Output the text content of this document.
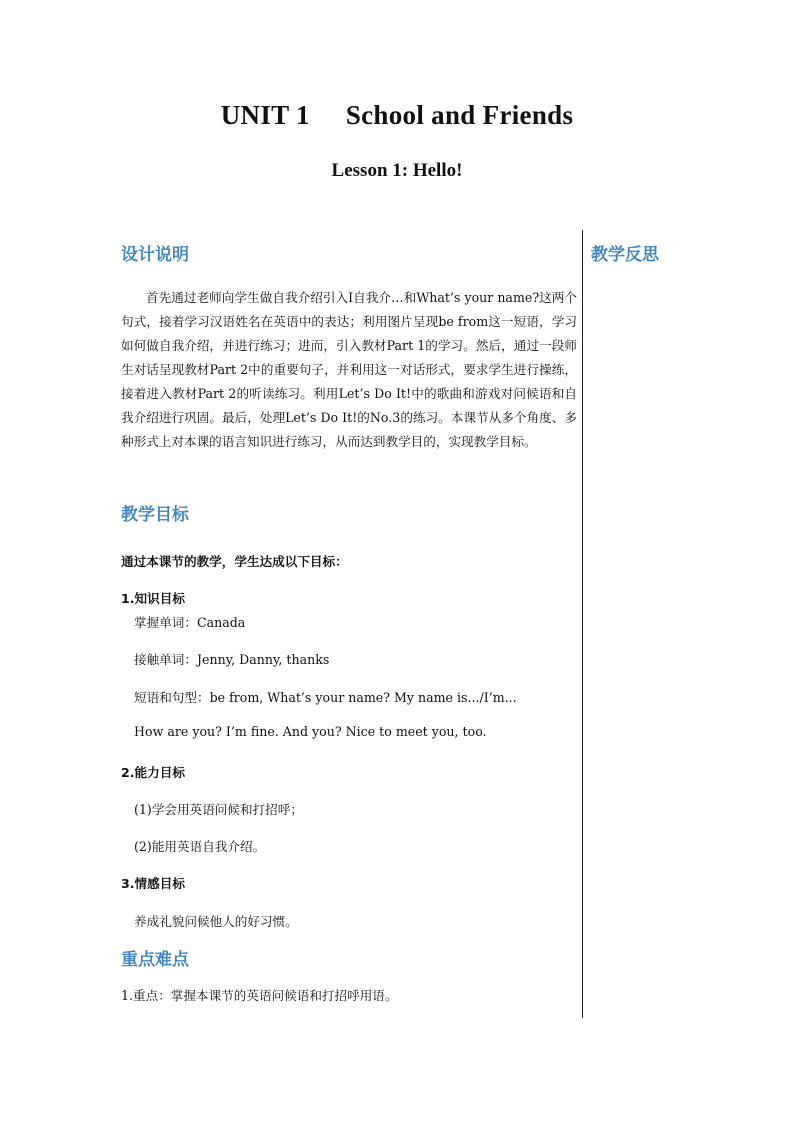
UNIT 1 School and Friends
Lesson 1: Hello!
教学反思
设计说明
首先通过老师向学生做自我介绍引入I自我介…和What’s your name?这两个句式，接着学习汉语姓名在英语中的表达；利用图片呈现be from这一短语，学习如何做自我介绍，并进行练习；进而，引入教材Part 1的学习。然后，通过一段师生对话呈现教材Part 2中的重要句子，并利用这一对话形式，要求学生进行操练，接着进入教材Part 2的听读练习。利用Let’s Do It!中的歌曲和游戏对问候语和自我介绍进行巩固。最后，处理Let’s Do It!的No.3的练习。本课节从多个角度、多种形式上对本课的语言知识进行练习，从而达到教学目的，实现教学目标。
教学目标
通过本课节的教学，学生达成以下目标：
1.知识目标
掌握单词：Canada
接触单词：Jenny, Danny, thanks
短语和句型：be from, What’s your name? My name is.../I’m...
How are you? I’m fine. And you? Nice to meet you, too.
2.能力目标
(1)学会用英语问候和打招呼；
(2)能用英语自我介绍。
3.情感目标
养成礼貌问候他人的好习惯。
重点难点
1.重点：掌握本课节的英语问候语和打招呼用语。
